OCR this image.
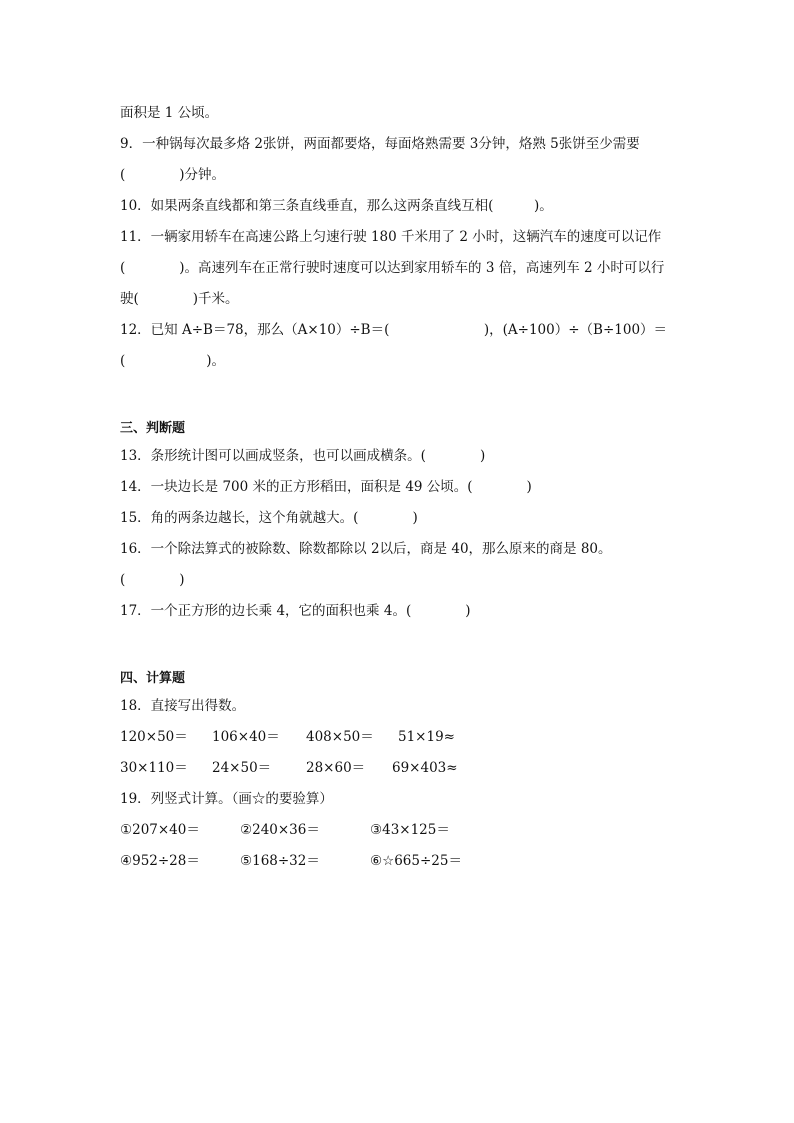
面积是 1 公顷。
9．一种锅每次最多烙 2张饼，两面都要烙，每面烙熟需要 3分钟，烙熟 5张饼至少需要
(　　　　)分钟。
10．如果两条直线都和第三条直线垂直，那么这两条直线互相(　　　)。
11．一辆家用轿车在高速公路上匀速行驶 180 千米用了 2 小时，这辆汽车的速度可以记作
(　　　　)。高速列车在正常行驶时速度可以达到家用轿车的 3 倍，高速列车 2 小时可以行
驶(　　　　)千米。
12．已知 A÷B＝78，那么（A×10）÷B＝(　　　　　　　)，(A÷100）÷（B÷100）＝
(　　　　　　)。
三、判断题
13．条形统计图可以画成竖条，也可以画成横条。(　　　　)
14．一块边长是 700 米的正方形稻田，面积是 49 公顷。(　　　　)
15．角的两条边越长，这个角就越大。(　　　　)
16．一个除法算式的被除数、除数都除以 2以后，商是 40，那么原来的商是 80。
(　　　　)
17．一个正方形的边长乘 4，它的面积也乘 4。(　　　　)
四、计算题
18．直接写出得数。
120×50＝ 106×40＝ 408×50＝ 51×19≈
30×110＝ 24×50＝	28×60＝ 69×403≈
19．列竖式计算。（画☆的要验算）
①207×40＝	②240×36＝	③43×125＝
④952÷28＝	⑤168÷32＝	⑥☆665÷25＝
